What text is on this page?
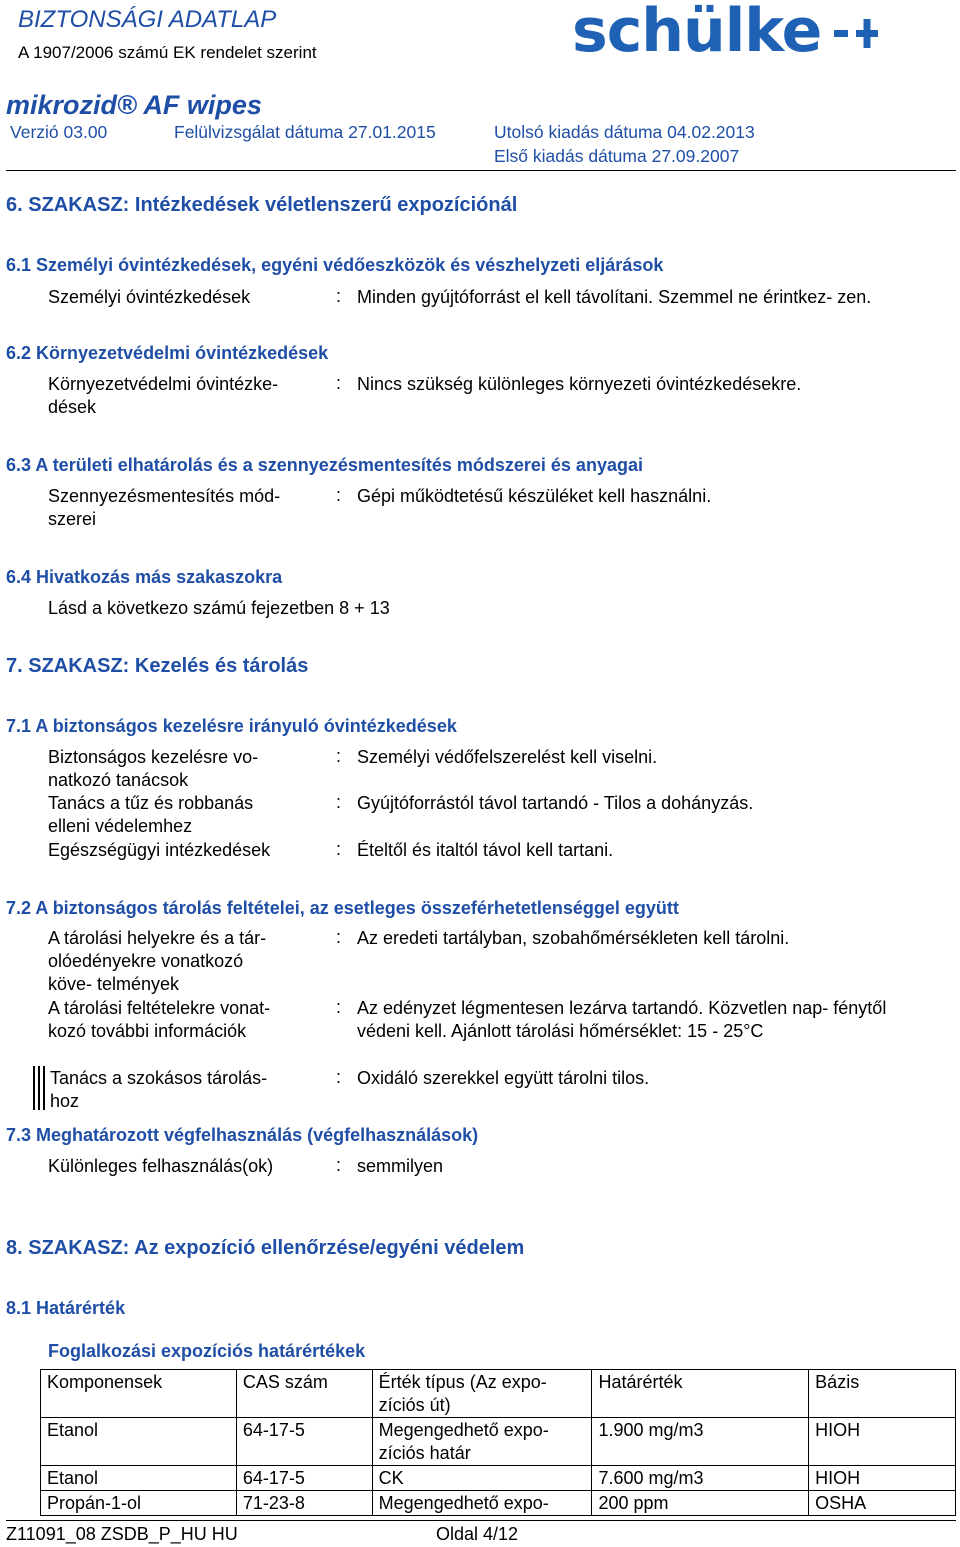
BIZTONSÁGI ADATLAP
A 1907/2006 számú EK rendelet szerint	schülke
mikrozid® AF wipes
Verzió 03.00	Felülvizsgálat dátuma 27.01.2015	Utolsó kiadás dátuma 04.02.2013
Első kiadás dátuma 27.09.2007
6. SZAKASZ: Intézkedések véletlenszerű expozíciónál
6.1 Személyi óvintézkedések, egyéni védőeszközök és vészhelyzeti eljárások
Személyi óvintézkedések	: Minden gyújtóforrást el kell távolítani. Szemmel ne érintkez- zen.
6.2 Környezetvédelmi óvintézkedések
Környezetvédelmi óvintézke- dések
: Nincs szükség különleges környezeti óvintézkedésekre.
6.3 A területi elhatárolás és a szennyezésmentesítés módszerei és anyagai
Szennyezésmentesítés mód- szerei
: Gépi működtetésű készüléket kell használni.
6.4 Hivatkozás más szakaszokra
Lásd a következo számú fejezetben 8 + 13
7. SZAKASZ: Kezelés és tárolás
7.1 A biztonságos kezelésre irányuló óvintézkedések
Biztonságos kezelésre vo- natkozó tanácsok
: Személyi védőfelszerelést kell viselni.
Tanács a tűz és robbanás elleni védelemhez
: Gyújtóforrástól távol tartandó - Tilos a dohányzás.
Egészségügyi intézkedések	: Ételtől és italtól távol kell tartani.
7.2 A biztonságos tárolás feltételei, az esetleges összeférhetetlenséggel együtt
A tárolási helyekre és a tár- olóedényekre vonatkozó köve- telmények
: Az eredeti tartályban, szobahőmérsékleten kell tárolni.
A tárolási feltételekre vonat- kozó további információk
: Az edényzet légmentesen lezárva tartandó. Közvetlen nap- fénytől védeni kell. Ajánlott tárolási hőmérséklet: 15 - 25°C
Tanács a szokásos tárolás- hoz
: Oxidáló szerekkel együtt tárolni tilos.
7.3 Meghatározott végfelhasználás (végfelhasználások)
Különleges felhasználás(ok)	: semmilyen
8. SZAKASZ: Az expozíció ellenőrzése/egyéni védelem
8.1 Határérték
Foglalkozási expozíciós határértékek
Komponensek	CAS szám	Érték típus (Az expo- zíciós út)	Határérték	Bázis
Etanol	64-17-5	Megengedhető expo- zíciós határ	1.900 mg/m3	HIOH
Etanol	64-17-5	CK	7.600 mg/m3	HIOH
Propán-1-ol	71-23-8	Megengedhető expo-	200 ppm	OSHA
Z11091_08 ZSDB_P_HU HU	Oldal 4/12
